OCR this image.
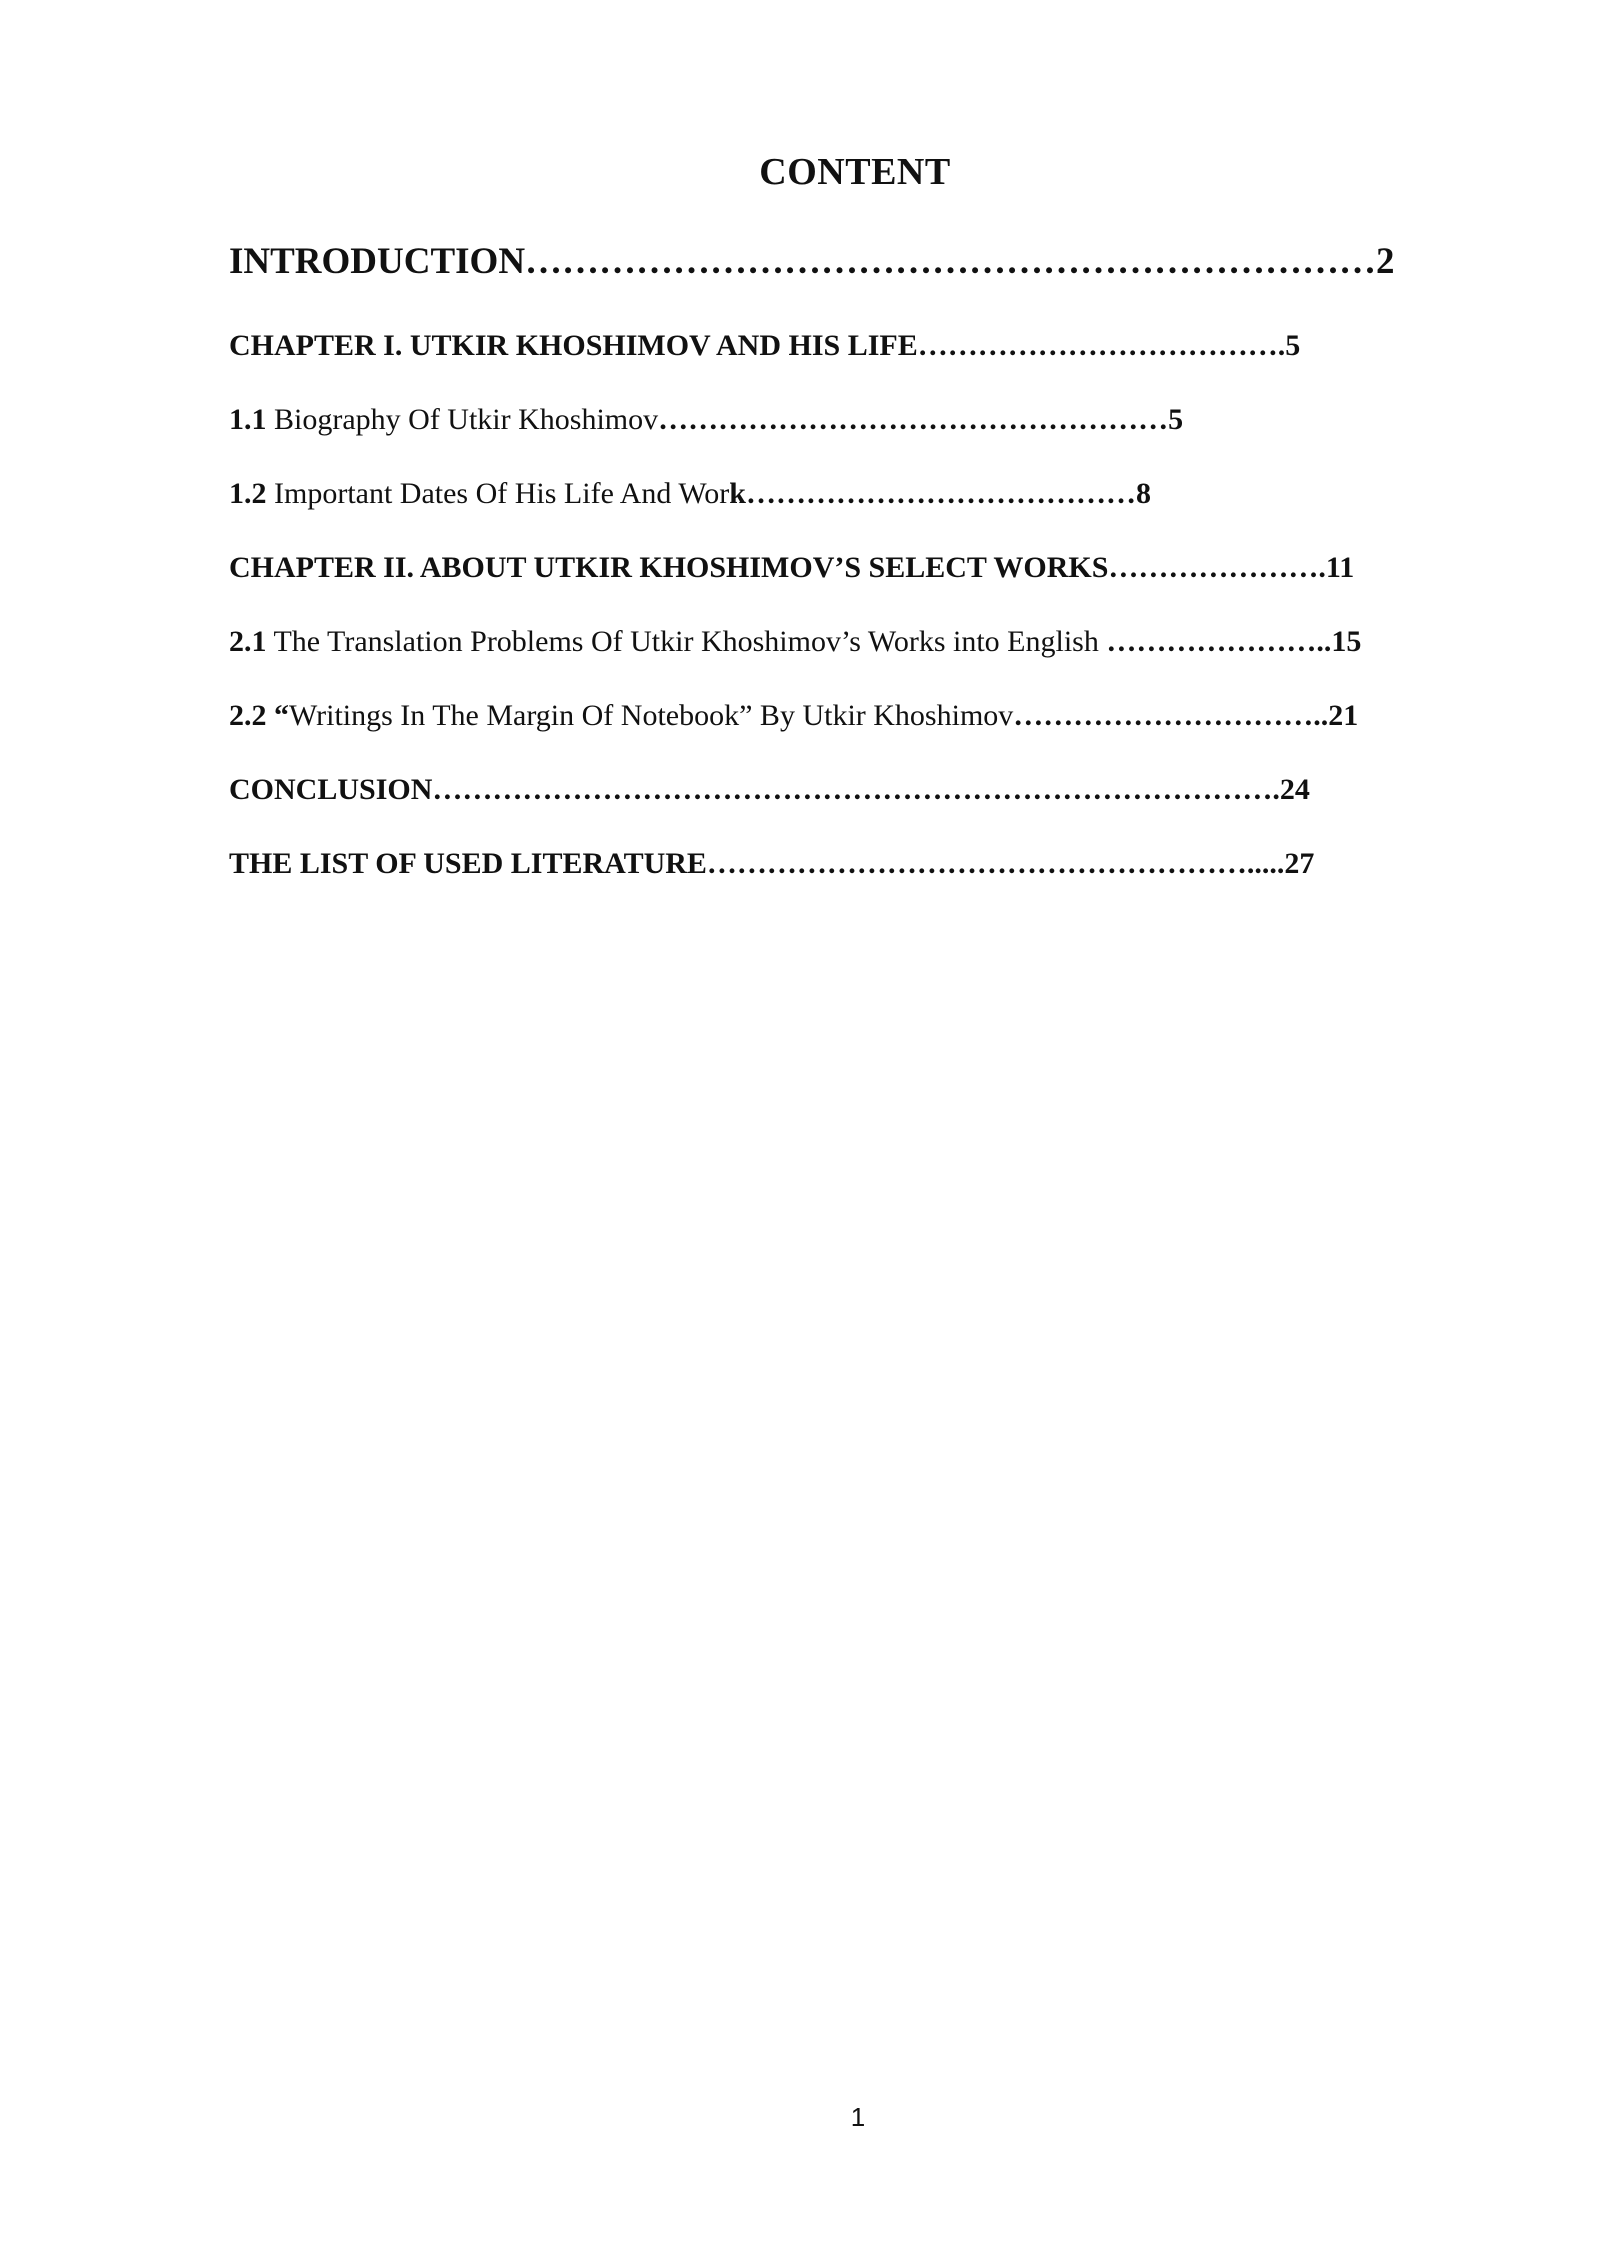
CONTENT
INTRODUCTION……………………………………………………………2
CHAPTER I. UTKIR KHOSHIMOV AND HIS LIFE……………………………….5
1.1 Biography Of Utkir Khoshimov……………………………………………5
1.2 Important Dates Of His Life And Work…………………………………8
CHAPTER II. ABOUT UTKIR KHOSHIMOV’S SELECT WORKS………………….11
2.1 The Translation Problems Of Utkir Khoshimov’s Works into English …………………..15
2.2 “Writings In The Margin Of Notebook” By Utkir Khoshimov…………………………..21
CONCLUSION………………………………………………………………………….24
THE LIST OF USED LITERATURE……………………………………………….....27
1
